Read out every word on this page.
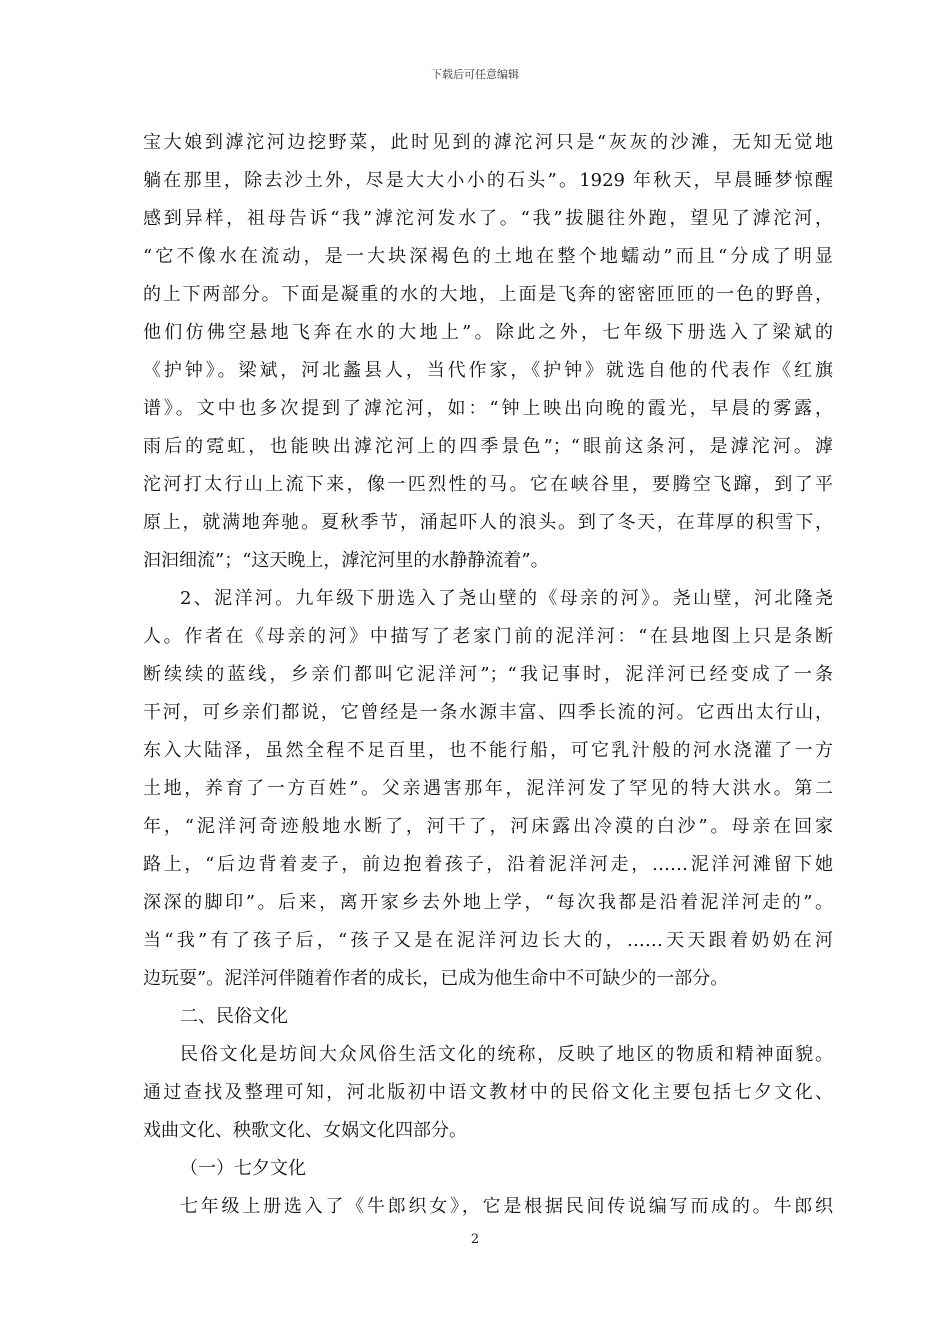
下载后可任意编辑
宝大娘到滹沱河边挖野菜，此时见到的滹沱河只是“灰灰的沙滩，无知无觉地
躺在那里，除去沙土外，尽是大大小小的石头”。1929 年秋天，早晨睡梦惊醒
感到异样，祖母告诉“我”滹沱河发水了。“我”拔腿往外跑，望见了滹沱河，
“它不像水在流动，是一大块深褐色的土地在整个地蠕动”而且“分成了明显
的上下两部分。下面是凝重的水的大地，上面是飞奔的密密匝匝的一色的野兽，
他们仿佛空悬地飞奔在水的大地上”。除此之外，七年级下册选入了梁斌的
《护钟》。梁斌，河北蠡县人，当代作家，《护钟》就选自他的代表作《红旗
谱》。文中也多次提到了滹沱河，如：“钟上映出向晚的霞光，早晨的雾露，
雨后的霓虹，也能映出滹沱河上的四季景色”；“眼前这条河，是滹沱河。滹
沱河打太行山上流下来，像一匹烈性的马。它在峡谷里，要腾空飞蹿，到了平
原上，就满地奔驰。夏秋季节，涌起吓人的浪头。到了冬天，在茸厚的积雪下，
汩汩细流”；“这天晚上，滹沱河里的水静静流着”。
2、泥洋河。九年级下册选入了尧山壁的《母亲的河》。尧山壁，河北隆尧
人。作者在《母亲的河》中描写了老家门前的泥洋河：“在县地图上只是条断
断续续的蓝线，乡亲们都叫它泥洋河”；“我记事时，泥洋河已经变成了一条
干河，可乡亲们都说，它曾经是一条水源丰富、四季长流的河。它西出太行山，
东入大陆泽，虽然全程不足百里，也不能行船，可它乳汁般的河水浇灌了一方
土地，养育了一方百姓”。父亲遇害那年，泥洋河发了罕见的特大洪水。第二
年，“泥洋河奇迹般地水断了，河干了，河床露出冷漠的白沙”。母亲在回家
路上，“后边背着麦子，前边抱着孩子，沿着泥洋河走，……泥洋河滩留下她
深深的脚印”。后来，离开家乡去外地上学，“每次我都是沿着泥洋河走的”。
当“我”有了孩子后，“孩子又是在泥洋河边长大的，……天天跟着奶奶在河
边玩耍”。泥洋河伴随着作者的成长，已成为他生命中不可缺少的一部分。
二、民俗文化
民俗文化是坊间大众风俗生活文化的统称，反映了地区的物质和精神面貌。
通过查找及整理可知，河北版初中语文教材中的民俗文化主要包括七夕文化、
戏曲文化、秧歌文化、女娲文化四部分。
（一）七夕文化
七年级上册选入了《牛郎织女》，它是根据民间传说编写而成的。牛郎织
2
